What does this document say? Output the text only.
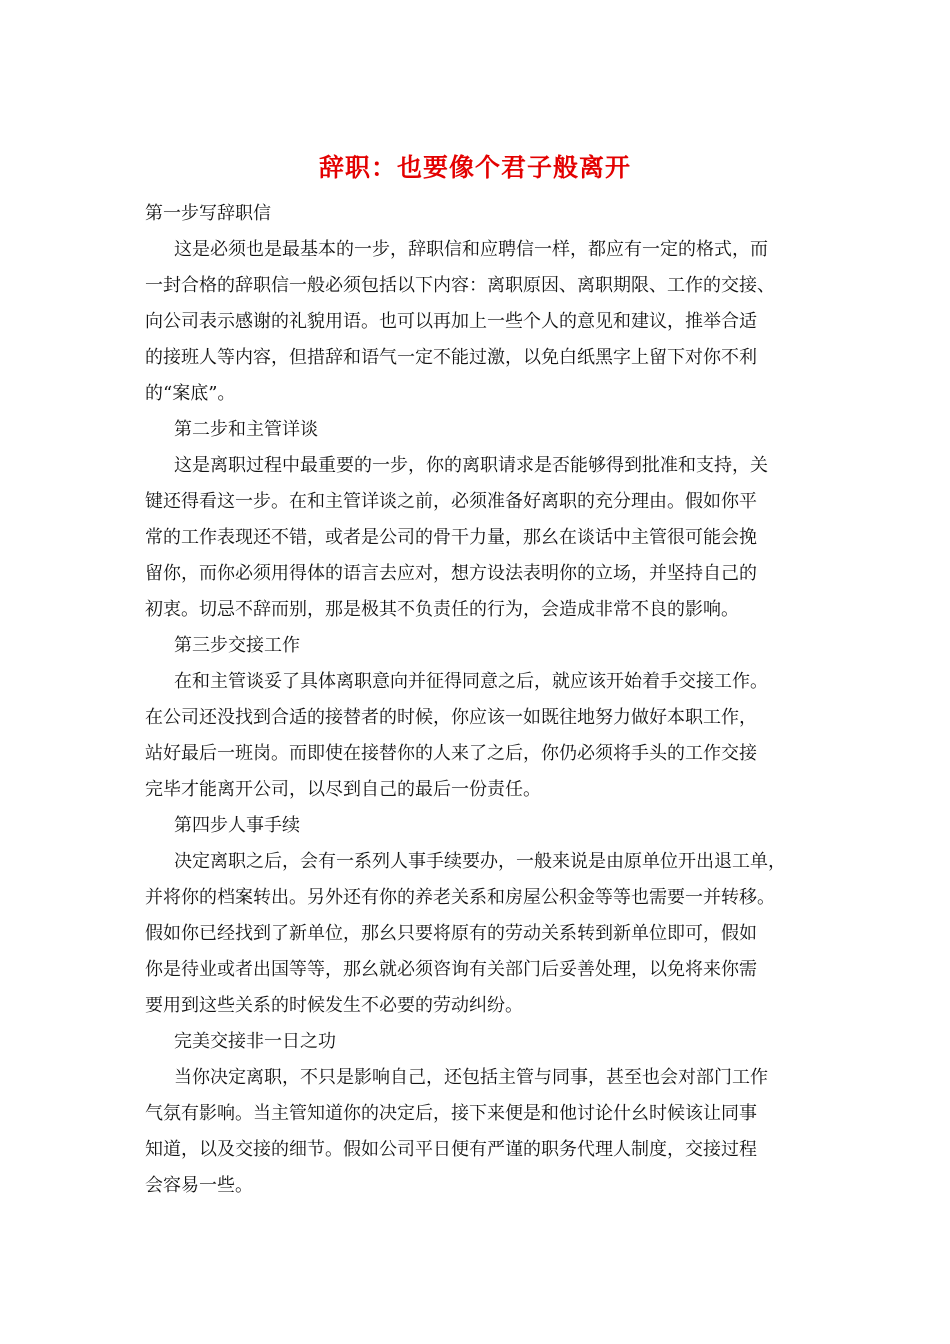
辞职：也要像个君子般离开
第一步写辞职信
这是必须也是最基本的一步，辞职信和应聘信一样，都应有一定的格式，而
一封合格的辞职信一般必须包括以下内容：离职原因、离职期限、工作的交接、
向公司表示感谢的礼貌用语。也可以再加上一些个人的意见和建议，推举合适
的接班人等内容，但措辞和语气一定不能过激，以免白纸黑字上留下对你不利
的“案底”。
第二步和主管详谈
这是离职过程中最重要的一步，你的离职请求是否能够得到批准和支持，关
键还得看这一步。在和主管详谈之前，必须准备好离职的充分理由。假如你平
常的工作表现还不错，或者是公司的骨干力量，那幺在谈话中主管很可能会挽
留你，而你必须用得体的语言去应对，想方设法表明你的立场，并坚持自己的
初衷。切忌不辞而别，那是极其不负责任的行为，会造成非常不良的影响。
第三步交接工作
在和主管谈妥了具体离职意向并征得同意之后，就应该开始着手交接工作。
在公司还没找到合适的接替者的时候，你应该一如既往地努力做好本职工作，
站好最后一班岗。而即使在接替你的人来了之后，你仍必须将手头的工作交接
完毕才能离开公司，以尽到自己的最后一份责任。
第四步人事手续
决定离职之后，会有一系列人事手续要办，一般来说是由原单位开出退工单，
并将你的档案转出。另外还有你的养老关系和房屋公积金等等也需要一并转移。
假如你已经找到了新单位，那幺只要将原有的劳动关系转到新单位即可，假如
你是待业或者出国等等，那幺就必须咨询有关部门后妥善处理，以免将来你需
要用到这些关系的时候发生不必要的劳动纠纷。
完美交接非一日之功
当你决定离职，不只是影响自己，还包括主管与同事，甚至也会对部门工作
气氛有影响。当主管知道你的决定后，接下来便是和他讨论什幺时候该让同事
知道，以及交接的细节。假如公司平日便有严谨的职务代理人制度，交接过程
会容易一些。
